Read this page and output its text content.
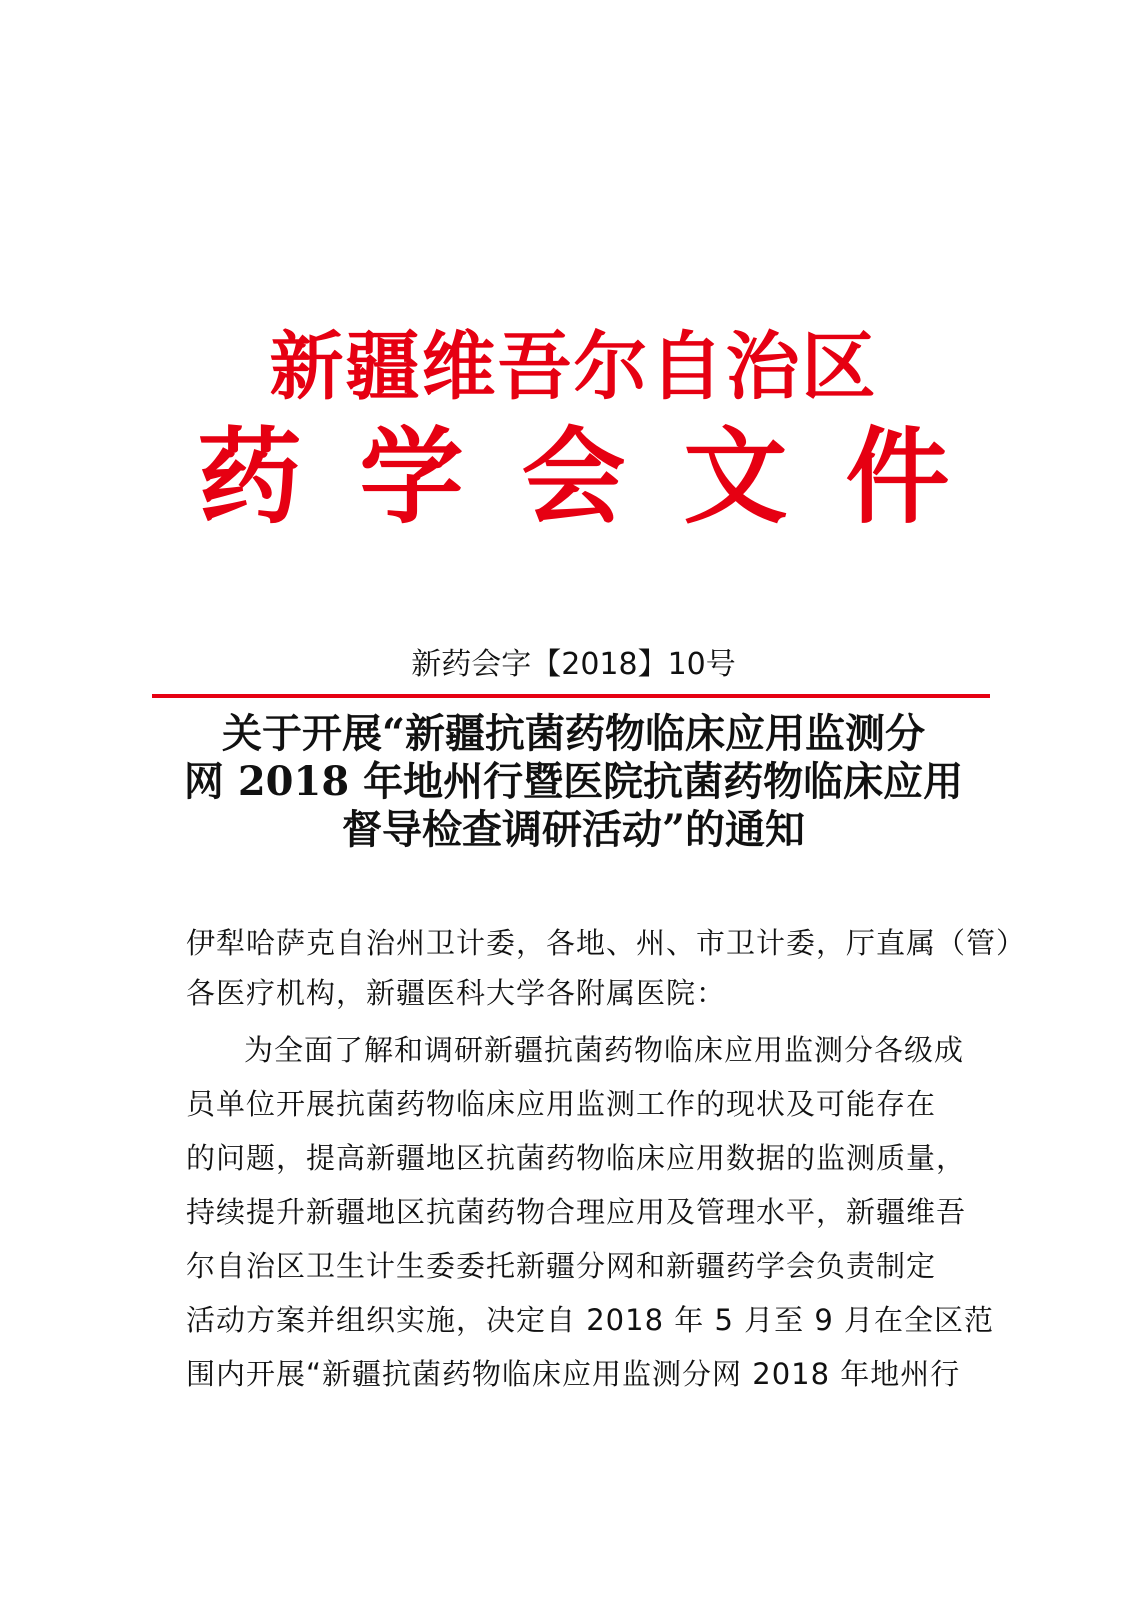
新疆维吾尔自治区
药学会文件
新药会字【2018】10号
关于开展“新疆抗菌药物临床应用监测分
网 2018 年地州行暨医院抗菌药物临床应用
督导检查调研活动”的通知
伊犁哈萨克自治州卫计委，各地、州、市卫计委，厅直属（管）
各医疗机构，新疆医科大学各附属医院：
为全面了解和调研新疆抗菌药物临床应用监测分各级成
员单位开展抗菌药物临床应用监测工作的现状及可能存在
的问题，提高新疆地区抗菌药物临床应用数据的监测质量，
持续提升新疆地区抗菌药物合理应用及管理水平，新疆维吾
尔自治区卫生计生委委托新疆分网和新疆药学会负责制定
活动方案并组织实施，决定自 2018 年 5 月至 9 月在全区范
围内开展“新疆抗菌药物临床应用监测分网 2018 年地州行
